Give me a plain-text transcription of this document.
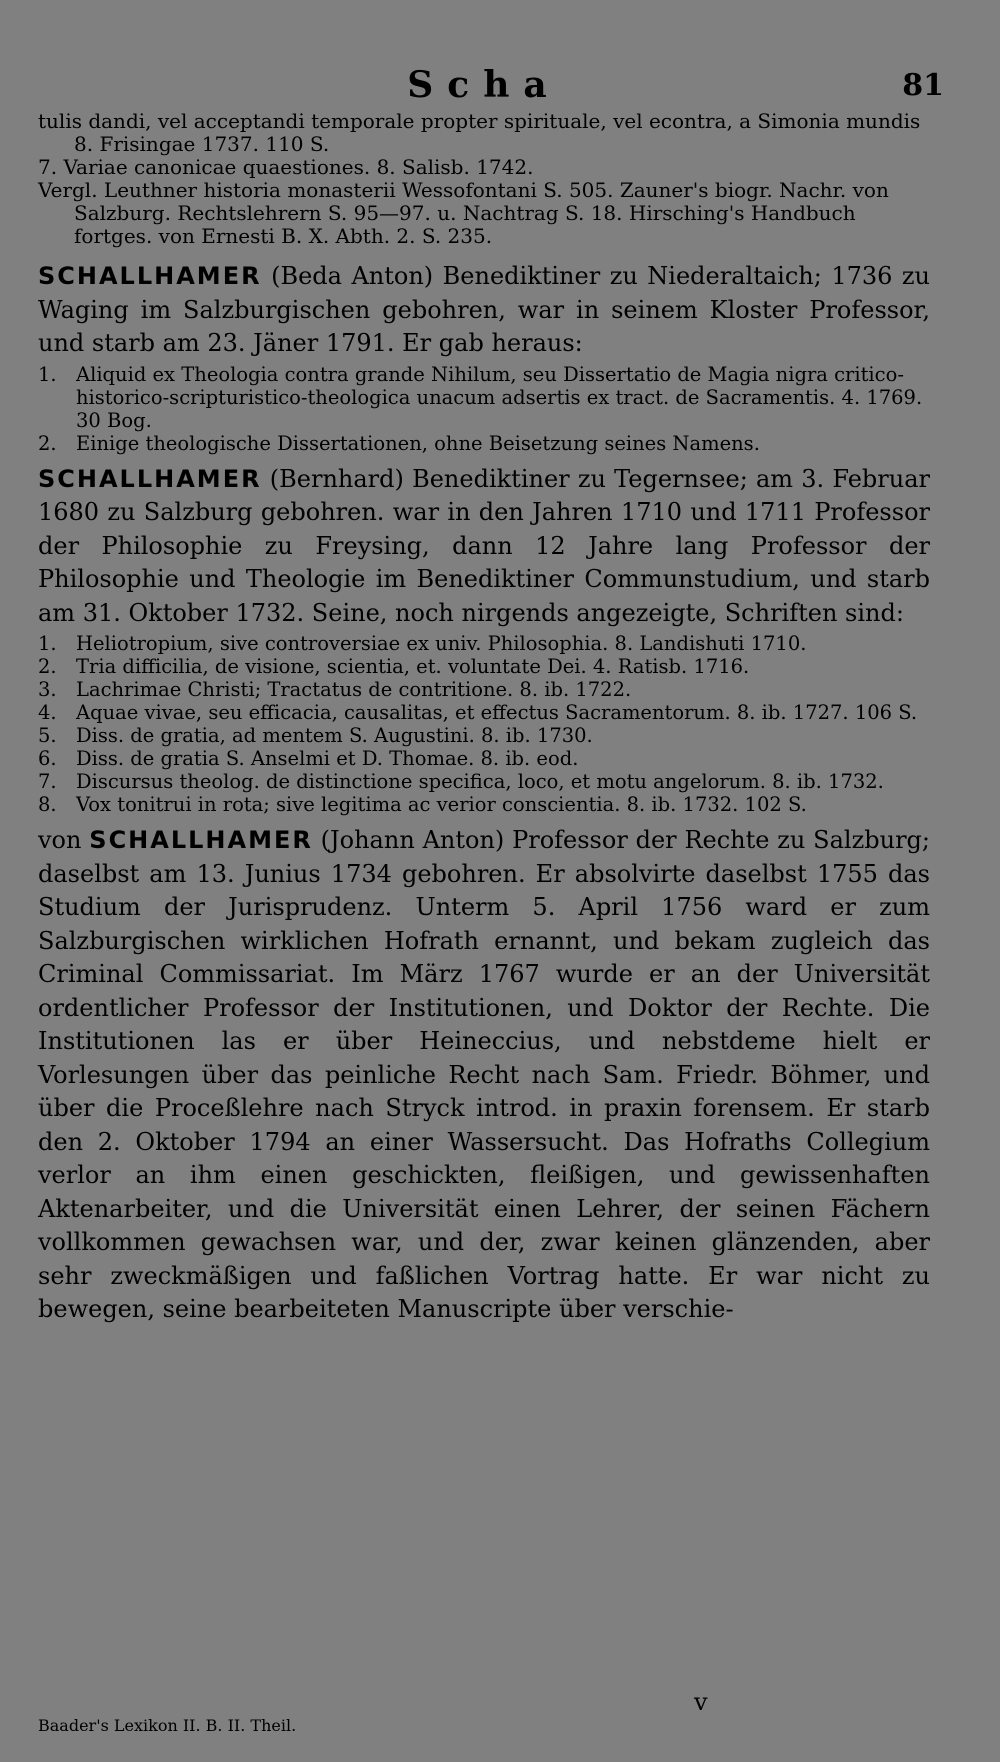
Scha	81

tulis dandi, vel acceptandi temporale propter spirituale, vel econtra, a Simonia mundis 8. Frisingae 1737. 110 S.

7. Variae canonicae quaestiones. 8. Salisb. 1742.

Vergl. Leuthner historia monasterii Wessofontani S. 505. Zauner's biogr. Nachr. von Salzburg. Rechtslehrern S. 95—97. u. Nachtrag S. 18. Hirsching's Handbuch fortges. von Ernesti B. X. Abth. 2. S. 235.

SCHALLHAMER (Beda Anton) Benediktiner zu Niederaltaich; 1736 zu Waging im Salzburgischen gebohren, war in seinem Kloster Professor, und starb am 23. Jäner 1791. Er gab heraus:

1. Aliquid ex Theologia contra grande Nihilum, seu Dissertatio de Magia nigra critico-historico-scripturistico-theologica unacum adsertis ex tract. de Sacramentis. 4. 1769. 30 Bog.
2. Einige theologische Dissertationen, ohne Beisetzung seines Namens.

SCHALLHAMER (Bernhard) Benediktiner zu Tegernsee; am 3. Februar 1680 zu Salzburg gebohren. war in den Jahren 1710 und 1711 Professor der Philosophie zu Freysing, dann 12 Jahre lang Professor der Philosophie und Theologie im Benediktiner Communstudium, und starb am 31. Oktober 1732. Seine, noch nirgends angezeigte, Schriften sind:

1. Heliotropium, sive controversiae ex univ. Philosophia. 8. Landishuti 1710.
2. Tria difficilia, de visione, scientia, et. voluntate Dei. 4. Ratisb. 1716.
3. Lachrimae Christi; Tractatus de contritione. 8. ib. 1722.
4. Aquae vivae, seu efficacia, causalitas, et effectus Sacramentorum. 8. ib. 1727. 106 S.
5. Diss. de gratia, ad mentem S. Augustini. 8. ib. 1730.
6. Diss. de gratia S. Anselmi et D. Thomae. 8. ib. eod.
7. Discursus theolog. de distinctione specifica, loco, et motu angelorum. 8. ib. 1732.
8. Vox tonitrui in rota; sive legitima ac verior conscientia. 8. ib. 1732. 102 S.

von SCHALLHAMER (Johann Anton) Professor der Rechte zu Salzburg; daselbst am 13. Junius 1734 gebohren. Er absolvirte daselbst 1755 das Studium der Jurisprudenz. Unterm 5. April 1756 ward er zum Salzburgischen wirklichen Hofrath ernannt, und bekam zugleich das Criminal Commissariat. Im März 1767 wurde er an der Universität ordentlicher Professor der Institutionen, und Doktor der Rechte. Die Institutionen las er über Heineccius, und nebstdeme hielt er Vorlesungen über das peinliche Recht nach Sam. Friedr. Böhmer, und über die Proceßlehre nach Stryck introd. in praxin forensem. Er starb den 2. Oktober 1794 an einer Wassersucht. Das Hofraths Collegium verlor an ihm einen geschickten, fleißigen, und gewissenhaften Aktenarbeiter, und die Universität einen Lehrer, der seinen Fächern vollkommen gewachsen war, und der, zwar keinen glänzenden, aber sehr zweckmäßigen und faßlichen Vortrag hatte. Er war nicht zu bewegen, seine bearbeiteten Manuscripte über verschie-

Baader's Lexikon II. B. II. Theil.
v
